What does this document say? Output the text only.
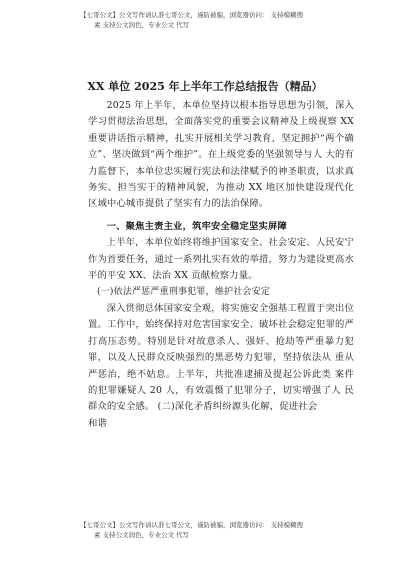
【七哥公文】公文写作请认准七哥公文，谨防被骗，浏览器访问： 支持模糊搜
素 支持公文润色，专业公文 代写
XX 单位 2025 年上半年工作总结报告（精品）

2025 年上半年，本单位坚持以根本指导思想为引领，深入学习贯彻法治思想，全面落实党的重要会议精神及上级视察 XX 重要讲话指示精神，扎实开展相关学习教育，坚定拥护“两个确立”、坚决做到“两个维护”。在上级党委的坚强领导与人 大的有力监督下，本单位忠实履行宪法和法律赋予的神圣职责，以求真务实、担当实干的精神风貌，为推动 XX 地区加快建设现代化区域中心城市提供了坚实有力的法治保障。

一、聚焦主责主业，筑牢安全稳定坚实屏障

上半年，本单位始终将维护国家安全、社会安定、人民安宁作为首要任务，通过一系列扎实有效的举措，努力为建设更高水平的平安 XX、法治 XX 贡献检察力量。

(一)依法严惩严重刑事犯罪，维护社会安定

深入贯彻总体国家安全观，将实施安全强基工程置于突出位置。工作中，始终保持对危害国家安全、破坏社会稳定犯罪的严打高压态势。特别是针对故意杀人、强奸、抢劫等严重暴力犯罪，以及人民群众反映强烈的黑恶势力犯罪，坚持依法从 重从严惩治，绝不姑息。上半年，共批准逮捕及提起公诉此类 案件的犯罪嫌疑人 20 人，有效震慑了犯罪分子，切实增强了人 民群众的安全感。 (二)深化矛盾纠纷源头化解，促进社会

和谐

【七哥公文】公文写作请认准七哥公文，谨防被骗，浏览器访问： 支持模糊搜
素 支持公文润色，专业公文 代写
